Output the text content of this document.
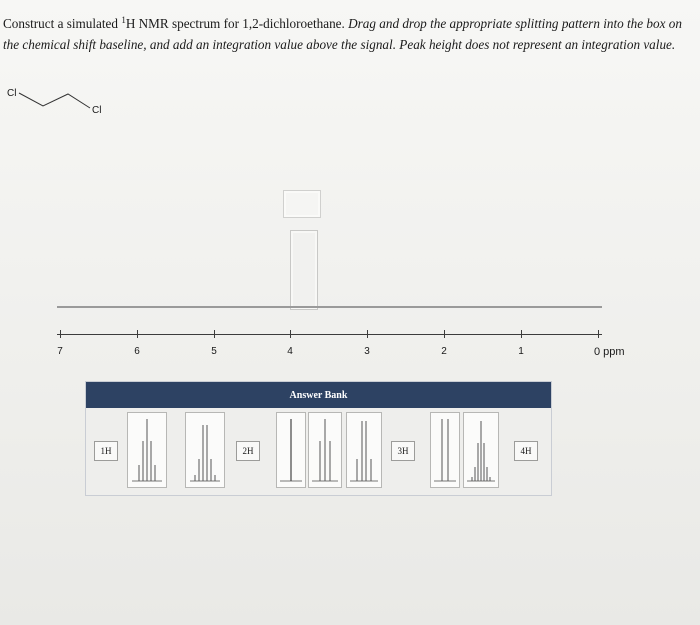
Construct a simulated $^1$H NMR spectrum for 1,2-dichloroethane. Drag and drop the appropriate splitting pattern into the box on the chemical shift baseline, and add an integration value above the signal. Peak height does not represent an integration value.
Cl
Cl
7	6	5	4	3	2	1	0 ppm
Answer Bank
1H	2H	3H	4H
